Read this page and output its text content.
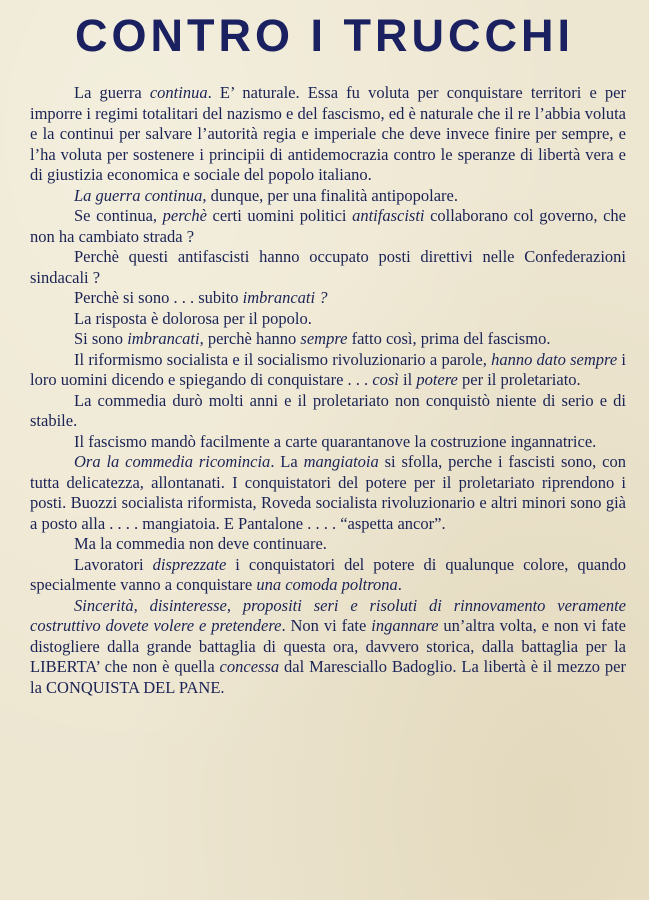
CONTRO I TRUCCHI

La guerra continua. E’ naturale. Essa fu voluta per conquistare territori e per imporre i regimi totalitari del nazismo e del fascismo, ed è naturale che il re l’abbia voluta e la continui per salvare l’autorità regia e imperiale che deve invece finire per sempre, e l’ha voluta per sostenere i principii di antidemocrazia contro le speranze di libertà vera e di giustizia economica e sociale del popolo italiano.

La guerra continua, dunque, per una finalità antipopolare.

Se continua, perchè certi uomini politici antifascisti collaborano col governo, che non ha cambiato strada ?

Perchè questi antifascisti hanno occupato posti direttivi nelle Confederazioni sindacali ?

Perchè si sono . . . subito imbrancati ?

La risposta è dolorosa per il popolo.

Si sono imbrancati, perchè hanno sempre fatto così, prima del fascismo.

Il riformismo socialista e il socialismo rivoluzionario a parole, hanno dato sempre i loro uomini dicendo e spiegando di conquistare . . . così il potere per il proletariato.

La commedia durò molti anni e il proletariato non conquistò niente di serio e di stabile.

Il fascismo mandò facilmente a carte quarantanove la costruzione ingannatrice.

Ora la commedia ricomincia. La mangiatoia si sfolla, perche i fascisti sono, con tutta delicatezza, allontanati. I conquistatori del potere per il proletariato riprendono i posti. Buozzi socialista riformista, Roveda socialista rivoluzionario e altri minori sono già a posto alla . . . . mangiatoia. E Pantalone . . . . “aspetta ancor”.

Ma la commedia non deve continuare.

Lavoratori disprezzate i conquistatori del potere di qualunque colore, quando specialmente vanno a conquistare una comoda poltrona.

Sincerità, disinteresse, propositi seri e risoluti di rinnovamento veramente costruttivo dovete volere e pretendere. Non vi fate ingannare un’altra volta, e non vi fate distogliere dalla grande battaglia di questa ora, davvero storica, dalla battaglia per la LIBERTA’ che non è quella concessa dal Maresciallo Badoglio. La libertà è il mezzo per la CONQUISTA DEL PANE.
